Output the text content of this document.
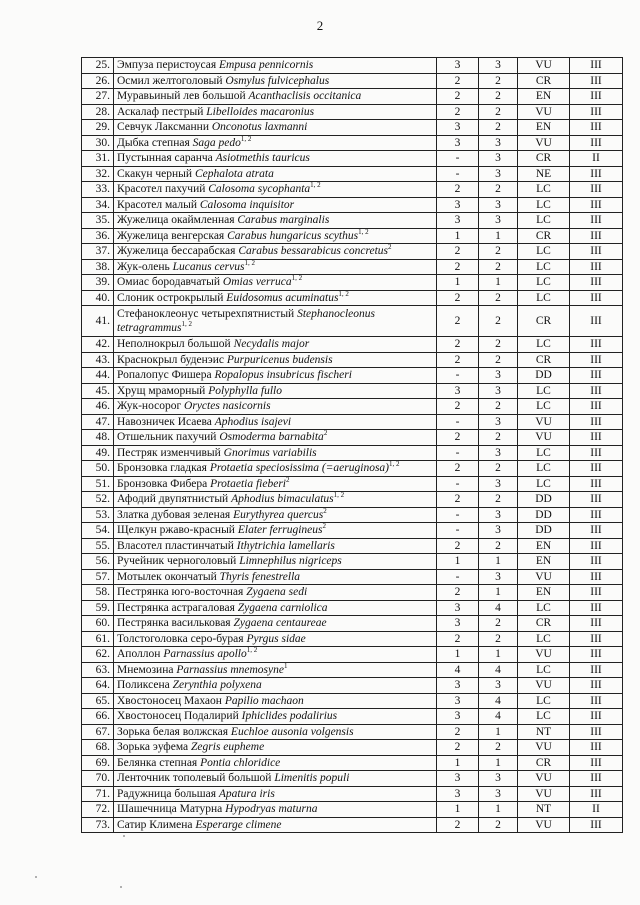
2
25.	Эмпуза перистоусая Empusa pennicornis	3	3	VU	III
26.	Осмил желтоголовый Osmylus fulvicephalus	2	2	CR	III
27.	Муравьиный лев большой Acanthaclisis occitanica	2	2	EN	III
28.	Аскалаф пестрый Libelloides macaronius	2	2	VU	III
29.	Севчук Лаксманни Onconotus laxmanni	3	2	EN	III
30.	Дыбка степная Saga pedo$^{1, 2}$	3	3	VU	III
31.	Пустынная саранча Asiotmethis tauricus	-	3	CR	II
32.	Скакун черный Cephalota atrata	-	3	NE	III
33.	Красотел пахучий Calosoma sycophanta$^{1, 2}$	2	2	LC	III
34.	Красотел малый Calosoma inquisitor	3	3	LC	III
35.	Жужелица окаймленная Carabus marginalis	3	3	LC	III
36.	Жужелица венгерская Carabus hungaricus scythus$^{1, 2}$	1	1	CR	III
37.	Жужелица бессарабская Carabus bessarabicus concretus$^2$	2	2	LC	III
38.	Жук-олень Lucanus cervus$^{1, 2}$	2	2	LC	III
39.	Омиас бородавчатый Omias verruca$^{1, 2}$	1	1	LC	III
40.	Слоник острокрылый Euidosomus acuminatus$^{1, 2}$	2	2	LC	III
41.	Стефаноклеонус четырехпятнистый Stephanocleonus tetragrammus$^{1, 2}$	2	2	CR	III
42.	Неполнокрыл большой Necydalis major	2	2	LC	III
43.	Краснокрыл буденэис Purpuricenus budensis	2	2	CR	III
44.	Ропалопус Фишера Ropalopus insubricus fischeri	-	3	DD	III
45.	Хрущ мраморный Polyphylla fullo	3	3	LC	III
46.	Жук-носорог Oryctes nasicornis	2	2	LC	III
47.	Навозничек Исаева Aphodius isajevi	-	3	VU	III
48.	Отшельник пахучий Osmoderma barnabita$^2$	2	2	VU	III
49.	Пестряк изменчивый Gnorimus variabilis	-	3	LC	III
50.	Бронзовка гладкая Protaetia speciosissima (=aeruginosa)$^{1, 2}$	2	2	LC	III
51.	Бронзовка Фибера Protaetia fieberi$^2$	-	3	LC	III
52.	Афодий двупятнистый Aphodius bimaculatus$^{1, 2}$	2	2	DD	III
53.	Златка дубовая зеленая Eurythyrea quercus$^2$	-	3	DD	III
54.	Щелкун ржаво-красный Elater ferrugineus$^2$	-	3	DD	III
55.	Власотел пластинчатый Ithytrichia lamellaris	2	2	EN	III
56.	Ручейник черноголовый Limnephilus nigriceps	1	1	EN	III
57.	Мотылек окончатый Thyris fenestrella	-	3	VU	III
58.	Пестрянка юго-восточная Zygaena sedi	2	1	EN	III
59.	Пестрянка астрагаловая Zygaena carniolica	3	4	LC	III
60.	Пестрянка васильковая Zygaena centaureae	3	2	CR	III
61.	Толстоголовка серо-бурая Pyrgus sidae	2	2	LC	III
62.	Аполлон Parnassius apollo$^{1, 2}$	1	1	VU	III
63.	Мнемозина Parnassius mnemosyne$^1$	4	4	LC	III
64.	Поликсена Zerynthia polyxena	3	3	VU	III
65.	Хвостоносец Махаон Papilio machaon	3	4	LC	III
66.	Хвостоносец Подалирий Iphiclides podalirius	3	4	LC	III
67.	Зорька белая волжская Euchloe ausonia volgensis	2	1	NT	III
68.	Зорька эуфема Zegris eupheme	2	2	VU	III
69.	Белянка степная Pontia chloridice	1	1	CR	III
70.	Ленточник тополевый большой Limenitis populi	3	3	VU	III
71.	Радужница большая Apatura iris	3	3	VU	III
72.	Шашечница Матурна Hypodryas maturna	1	1	NT	II
73.	Сатир Климена Esperarge climene	2	2	VU	III
